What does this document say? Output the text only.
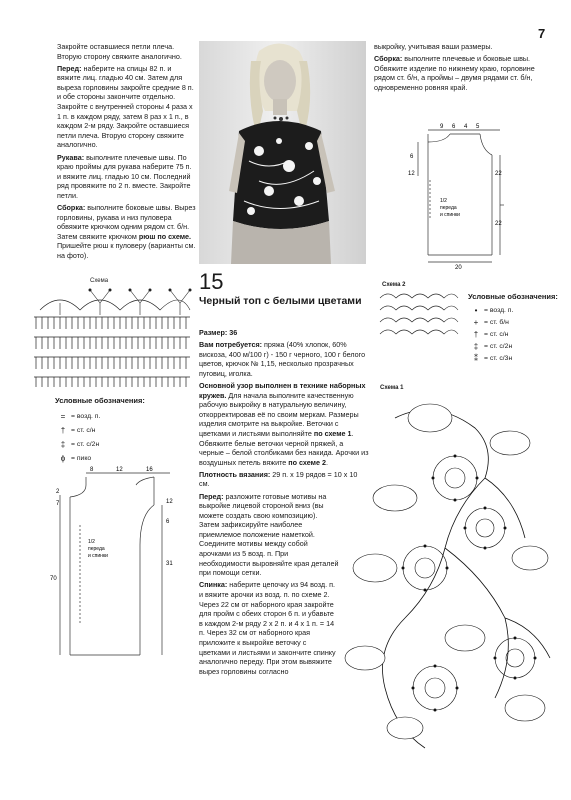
7

Закройте оставшиеся петли плеча. Вторую сторону свяжите аналогично.

Перед: наберите на спицы 82 п. и вяжите лиц. гладью 40 см. Затем для выреза горловины закройте средние 8 п. и обе стороны закончите отдельно. Закройте с внутренней стороны 4 раза х 1 п. в каждом ряду, затем 8 раз х 1 п., в каждом 2-м ряду. Закройте оставшиеся петли плеча. Вторую сторону свяжите аналогично.

Рукава: выполните плечевые швы. По краю проймы для рукава наберите 75 п. и вяжите лиц. гладью 10 см. Последний ряд провяжите по 2 п. вместе. Закройте петли.

Сборка: выполните боковые швы. Вырез горловины, рукава и низ пуловера обвяжите крючком одним рядом ст. б/н. Затем свяжите крючком рюш по схеме. Пришейте рюш к пуловеру (варианты см. на фото).

выкройку, учитывая ваши размеры.

Сборка: выполните плечевые и боковые швы. Обвяжите изделие по нижнему краю, горловине рядом ст. б/н, а проймы – двумя рядами ст. б/н, одновременно ровняя край.

9 6 4 5
6
12	22
22
20
1/2
переда
и спинки
Схема
Условные обозначения:
= = возд. п.
† = ст. с/н
‡ = ст. с/2н
ɸ = пико
8	12	16
2
7	12
6
31
70
1/2
переда
и спинки
15
Черный топ с белыми цветами

Размер: 36

Вам потребуется: пряжа (40% хлопок, 60% вискоза, 400 м/100 г) - 150 г черного, 100 г белого цветов, крючок № 1,15, несколько прозрачных пуговиц, иголка.

Основной узор выполнен в технике наборных кружев. Для начала выполните качественную рабочую выкройку в натуральную величину, откорректировав её по своим меркам. Размеры изделия смотрите на выкройке. Веточки с цветками и листьями выполняйте по схеме 1. Обвяжите белые веточки черной пряжей, а черные – белой столбиками без накида. Арочки из воздушных петель вяжите по схеме 2.

Плотность вязания: 29 п. х 19 рядов = 10 х 10 см.

Перед: разложите готовые мотивы на выкройке лицевой стороной вниз (вы можете создать свою композицию). Затем зафиксируйте наиболее приемлемое положение наметкой. Соедините мотивы между собой арочками из 5 возд. п. При необходимости выровняйте края деталей при помощи сетки.

Спинка: наберите цепочку из 94 возд. п. и вяжите арочки из возд. п. по схеме 2. Через 22 см от наборного края закройте для пройм с обеих сторон 6 п. и убавьте в каждом 2-м ряду 2 х 2 п. и 4 х 1 п. = 14 п. Через 32 см от наборного края приложите к выкройке веточку с цветками и листьями и закончите спинку аналогично переду. При этом вывяжите вырез горловины согласно

Схема 2
Условные обозначения:
• = возд. п.
+ = ст. б/н
† = ст. с/н
‡ = ст. с/2н
⁑ = ст. с/3н
Схема 1
